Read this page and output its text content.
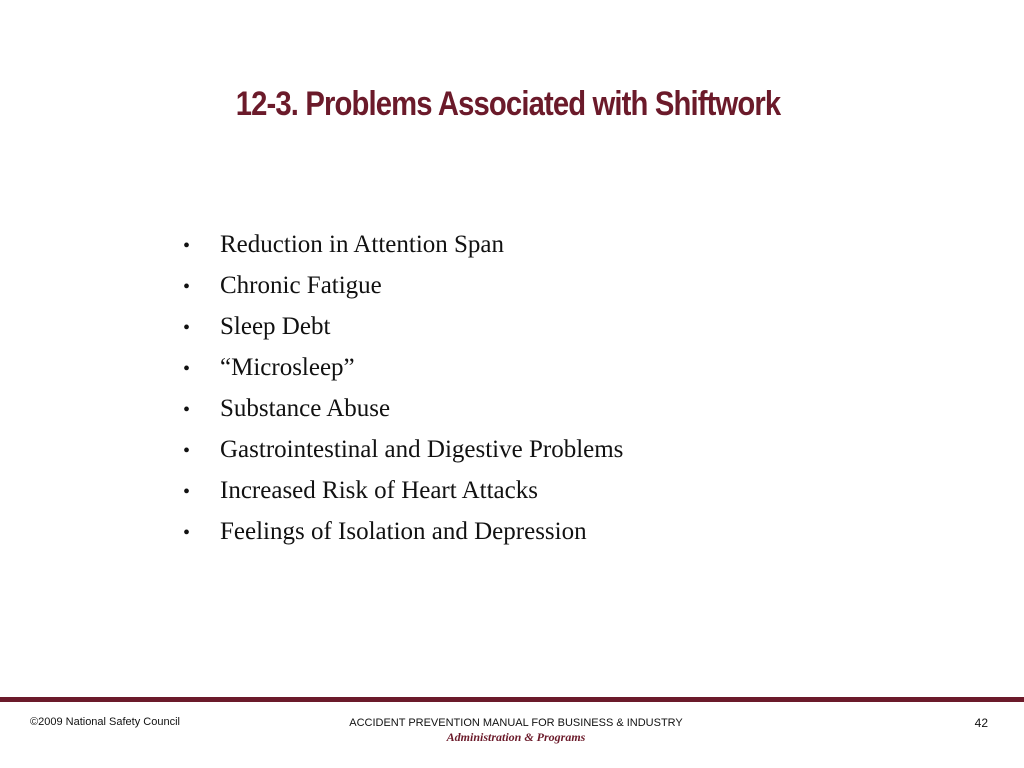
12-3. Problems Associated with Shiftwork
• Reduction in Attention Span
• Chronic Fatigue
• Sleep Debt
• “Microsleep”
• Substance Abuse
• Gastrointestinal and Digestive Problems
• Increased Risk of Heart Attacks
• Feelings of Isolation and Depression
©2009 National Safety Council	ACCIDENT PREVENTION MANUAL FOR BUSINESS & INDUSTRY
Administration & Programs
42
